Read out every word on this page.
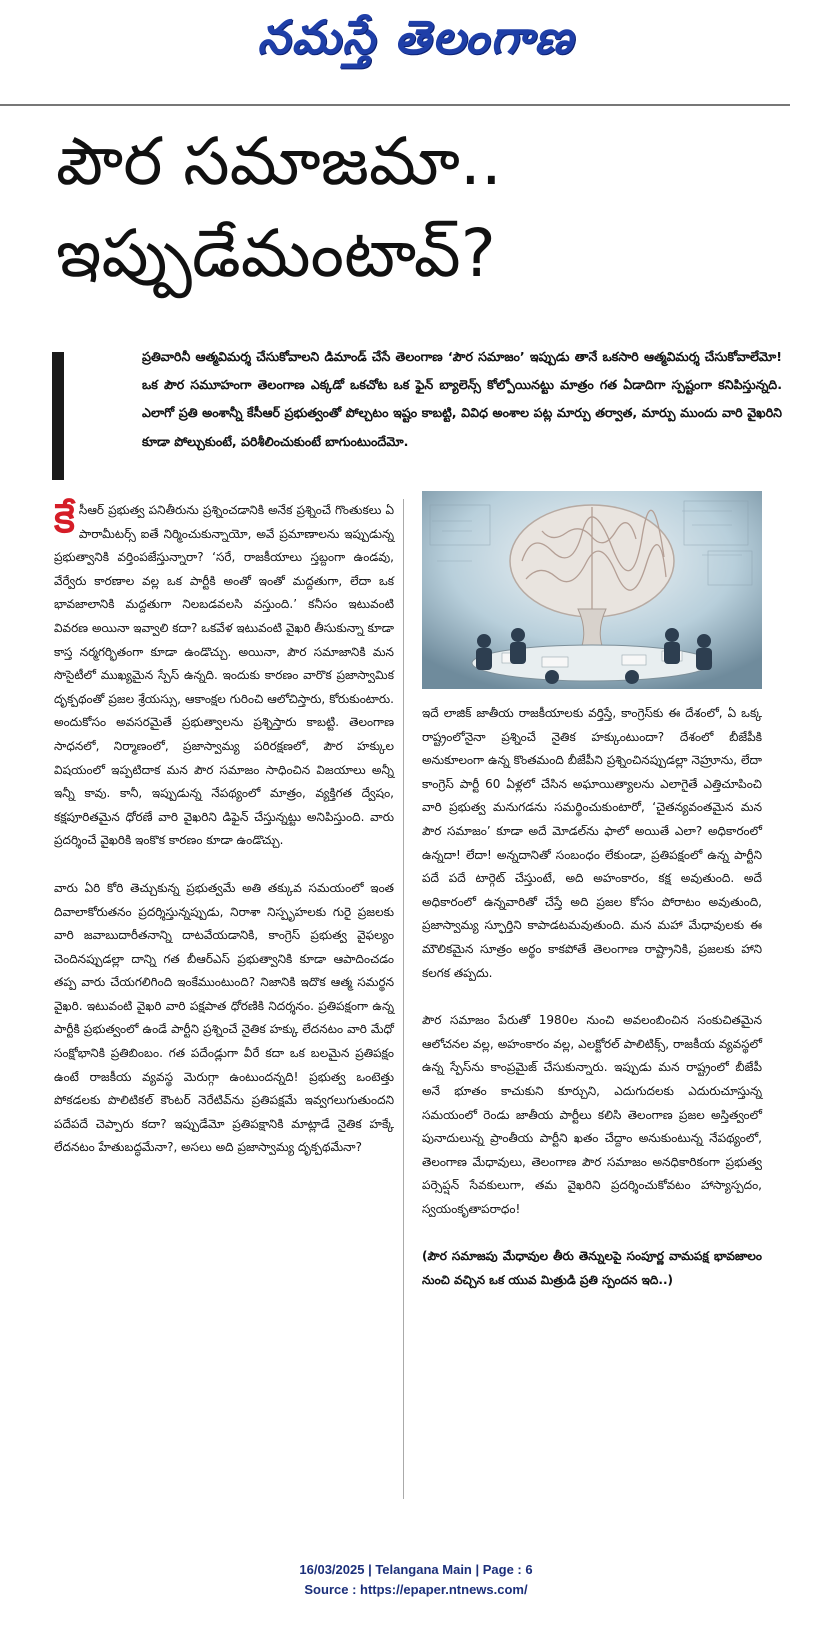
నమస్తే తెలంగాణ
పౌర సమాజమా..
ఇప్పుడేమంటావ్?

ప్రతివారినీ ఆత్మవిమర్శ చేసుకోవాలని డిమాండ్ చేసే తెలంగాణ ‘పౌర సమాజం’ ఇప్పుడు తానే ఒకసారి ఆత్మవిమర్శ చేసుకోవాలేమో! ఒక పౌర సమూహంగా తెలంగాణ ఎక్కడో ఒకచోట ఒక ఫైన్ బ్యాలెన్స్ కోల్పోయినట్టు మాత్రం గత ఏడాదిగా స్పష్టంగా కనిపిస్తున్నది. ఎలాగో ప్రతి అంశాన్నీ కేసీఆర్ ప్రభుత్వంతో పోల్చటం ఇష్టం కాబట్టి, వివిధ అంశాల పట్ల మార్పు తర్వాత, మార్పు ముందు వారి వైఖరిని కూడా పోల్చుకుంటే, పరిశీలించుకుంటే బాగుంటుందేమో.

కేసీఆర్ ప్రభుత్వ పనితీరును ప్రశ్నించడానికి అనేక ప్రశ్నించే గొంతుకలు ఏ పారామీటర్స్ ఐతే నిర్మించుకున్నాయో, అవే ప్రమాణాలను ఇప్పుడున్న ప్రభుత్వానికి వర్తింపజేస్తున్నారా? ‘సరే, రాజకీయాలు స్తబ్దంగా ఉండవు, వేర్వేరు కారణాల వల్ల ఒక పార్టీకి అంతో ఇంతో మద్దతుగా, లేదా ఒక భావజాలానికి మద్దతుగా నిలబడవలసి వస్తుంది.’ కనీసం ఇటువంటి వివరణ అయినా ఇవ్వాలి కదా? ఒకవేళ ఇటువంటి వైఖరి తీసుకున్నా కూడా కాస్త నర్మగర్భితంగా కూడా ఉండొచ్చు. అయినా, పౌర సమాజానికి మన సొసైటీలో ముఖ్యమైన స్పేస్ ఉన్నది. ఇందుకు కారణం వారొక ప్రజాస్వామిక దృక్పథంతో ప్రజల శ్రేయస్సు, ఆకాంక్షల గురించి ఆలోచిస్తారు, కోరుకుంటారు. అందుకోసం అవసరమైతే ప్రభుత్వాలను ప్రశ్నిస్తారు కాబట్టి. తెలంగాణ సాధనలో, నిర్మాణంలో, ప్రజాస్వామ్య పరిరక్షణలో, పౌర హక్కుల విషయంలో ఇప్పటిదాక మన పౌర సమాజం సాధించిన విజయాలు అన్నీ ఇన్నీ కావు. కానీ, ఇప్పుడున్న నేపథ్యంలో మాత్రం, వ్యక్తిగత ద్వేషం, కక్షపూరితమైన ధోరణే వారి వైఖరిని డిఫైన్ చేస్తున్నట్టు అనిపిస్తుంది. వారు ప్రదర్శించే వైఖరికి ఇంకొక కారణం కూడా ఉండొచ్చు.

వారు ఏరి కోరి తెచ్చుకున్న ప్రభుత్వమే అతి తక్కువ సమయంలో ఇంత దివాలాకోరుతనం ప్రదర్శిస్తున్నప్పుడు, నిరాశా నిస్పృహలకు గురై ప్రజలకు వారి జవాబుదారీతనాన్ని దాటవేయడానికి, కాంగ్రెస్ ప్రభుత్వ వైఫల్యం చెందినప్పుడల్లా దాన్ని గత బీఆర్ఎస్ ప్రభుత్వానికి కూడా ఆపాదించడం తప్ప వారు చేయగలిగింది ఇంకేముంటుంది? నిజానికి ఇదొక ఆత్మ సమర్థన వైఖరి. ఇటువంటి వైఖరి వారి పక్షపాత ధోరణికి నిదర్శనం. ప్రతిపక్షంగా ఉన్న పార్టీకి ప్రభుత్వంలో ఉండే పార్టీని ప్రశ్నించే నైతిక హక్కు లేదనటం వారి మేధో సంక్షోభానికి ప్రతిబింబం. గత పదేండ్లుగా వీరే కదా ఒక బలమైన ప్రతిపక్షం ఉంటే రాజకీయ వ్యవస్థ మెరుగ్గా ఉంటుందన్నది! ప్రభుత్వ ఒంటెత్తు పోకడలకు పొలిటికల్ కౌంటర్ నెరేటివ్‌ను ప్రతిపక్షమే ఇవ్వగలుగుతుందని పదేపదే చెప్పారు కదా? ఇప్పుడేమో ప్రతిపక్షానికి మాట్లాడే నైతిక హక్కే లేదనటం హేతుబద్ధమేనా?, అసలు అది ప్రజాస్వామ్య దృక్పథమేనా?

ఇదే లాజిక్ జాతీయ రాజకీయాలకు వర్తిస్తే, కాంగ్రెస్‌కు ఈ దేశంలో, ఏ ఒక్క రాష్ట్రంలోనైనా ప్రశ్నించే నైతిక హక్కుంటుందా? దేశంలో బీజేపీకి అనుకూలంగా ఉన్న కొంతమంది బీజేపీని ప్రశ్నించినప్పుడల్లా నెహ్రూను, లేదా కాంగ్రెస్ పార్టీ 60 ఏళ్లలో చేసిన అఘాయిత్యాలను ఎలాగైతే ఎత్తిచూపించి వారి ప్రభుత్వ మనుగడను సమర్థించుకుంటారో, ‘చైతన్యవంతమైన మన పౌర సమాజం’ కూడా అదే మోడల్‌ను ఫాలో అయితే ఎలా? అధికారంలో ఉన్నదా! లేదా! అన్నదానితో సంబంధం లేకుండా, ప్రతిపక్షంలో ఉన్న పార్టీని పదే పదే టార్గెట్ చేస్తుంటే, అది అహంకారం, కక్ష అవుతుంది. అదే అధికారంలో ఉన్నవారితో చేస్తే అది ప్రజల కోసం పోరాటం అవుతుంది, ప్రజాస్వామ్య స్ఫూర్తిని కాపాడటమవుతుంది. మన మహా మేధావులకు ఈ మౌలికమైన సూత్రం అర్థం కాకపోతే తెలంగాణ రాష్ట్రానికి, ప్రజలకు హాని కలగక తప్పదు.

పౌర సమాజం పేరుతో 1980ల నుంచి అవలంబించిన సంకుచితమైన ఆలోచనల వల్ల, అహంకారం వల్ల, ఎలక్టోరల్ పాలిటిక్స్, రాజకీయ వ్యవస్థలో ఉన్న స్పేస్‌ను కాంప్రమైజ్ చేసుకున్నారు. ఇప్పుడు మన రాష్ట్రంలో బీజేపీ అనే భూతం కాచుకుని కూర్చుని, ఎదుగుదలకు ఎదురుచూస్తున్న సమయంలో రెండు జాతీయ పార్టీలు కలిసి తెలంగాణ ప్రజల అస్తిత్వంలో పునాదులున్న ప్రాంతీయ పార్టీని ఖతం చేద్దాం అనుకుంటున్న నేపథ్యంలో, తెలంగాణ మేధావులు, తెలంగాణ పౌర సమాజం అనధికారికంగా ప్రభుత్వ పర్సెప్షన్ సేవకులుగా, తమ వైఖరిని ప్రదర్శించుకోవటం హాస్యాస్పదం, స్వయంకృతాపరాధం!

(పౌర సమాజపు మేధావుల తీరు తెన్నులపై సంపూర్ణ వామపక్ష భావజాలం నుంచి వచ్చిన ఒక యువ మిత్రుడి ప్రతి స్పందన ఇది..)

16/03/2025 | Telangana Main | Page : 6
Source : https://epaper.ntnews.com/
